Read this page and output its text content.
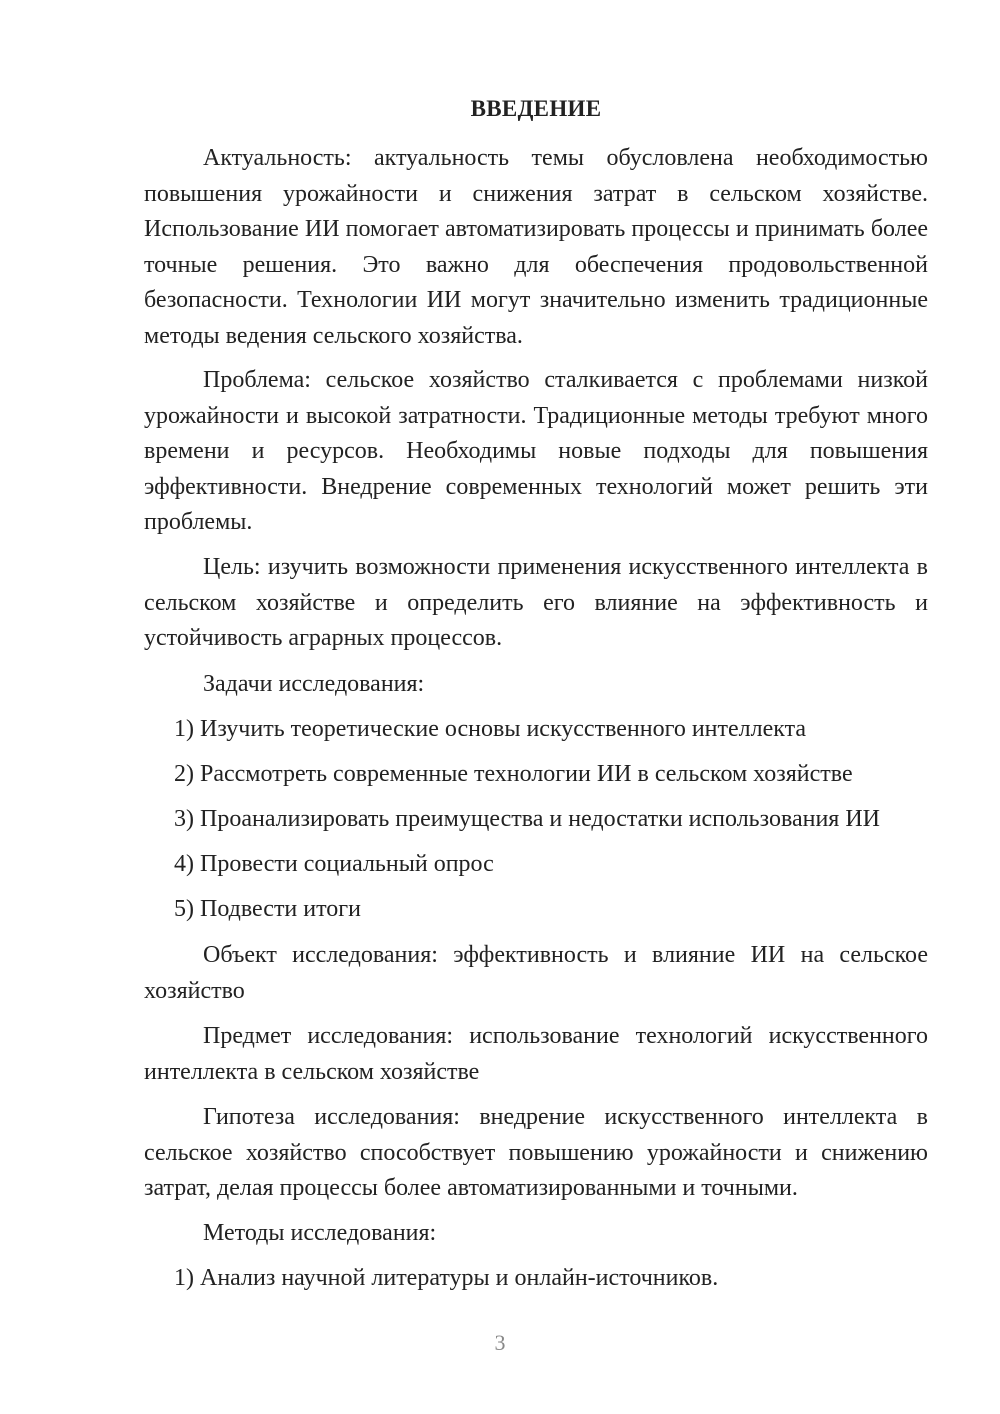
ВВЕДЕНИЕ
Актуальность: актуальность темы обусловлена необходимостью повышения урожайности и снижения затрат в сельском хозяйстве. Использование ИИ помогает автоматизировать процессы и принимать более точные решения. Это важно для обеспечения продовольственной безопасности. Технологии ИИ могут значительно изменить традиционные методы ведения сельского хозяйства.
Проблема: сельское хозяйство сталкивается с проблемами низкой урожайности и высокой затратности. Традиционные методы требуют много времени и ресурсов. Необходимы новые подходы для повышения эффективности. Внедрение современных технологий может решить эти проблемы.
Цель: изучить возможности применения искусственного интеллекта в сельском хозяйстве и определить его влияние на эффективность и устойчивость аграрных процессов.
Задачи исследования:
1) Изучить теоретические основы искусственного интеллекта
2) Рассмотреть современные технологии ИИ в сельском хозяйстве
3) Проанализировать преимущества и недостатки использования ИИ
4) Провести социальный опрос
5) Подвести итоги
Объект исследования: эффективность и влияние ИИ на сельское хозяйство
Предмет исследования: использование технологий искусственного интеллекта в сельском хозяйстве
Гипотеза исследования: внедрение искусственного интеллекта в сельское хозяйство способствует повышению урожайности и снижению затрат, делая процессы более автоматизированными и точными.
Методы исследования:
1) Анализ научной литературы и онлайн-источников.
3
